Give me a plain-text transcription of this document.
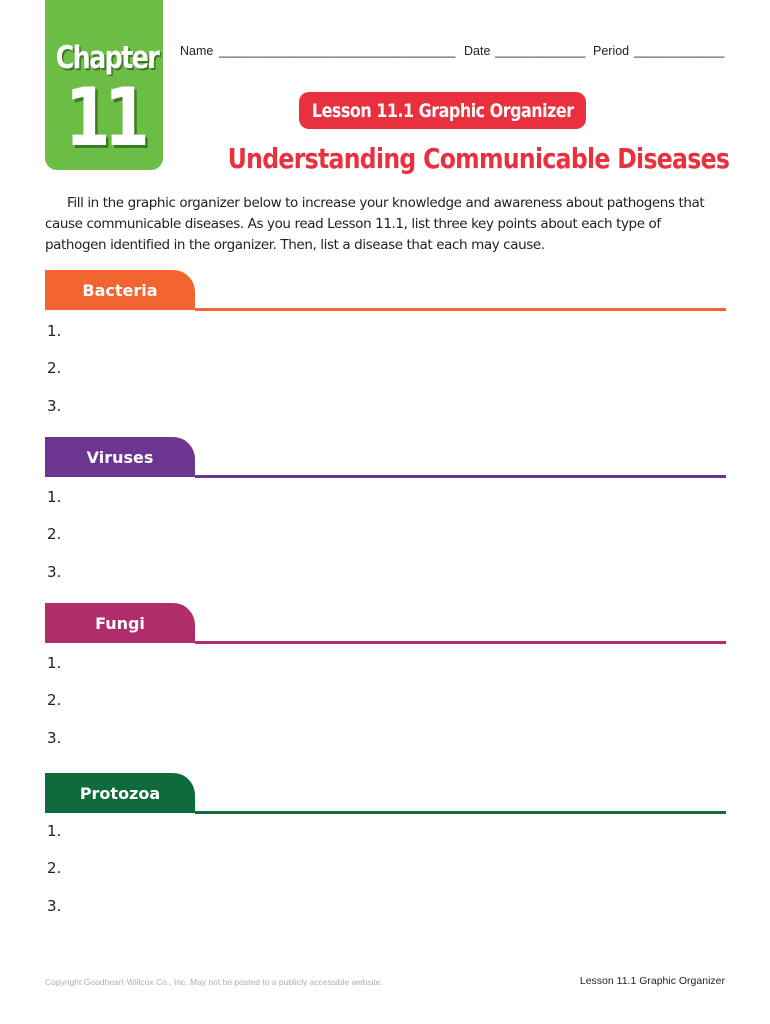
Chapter
11
Name __________________________________ Date _____________ Period _____________
Lesson 11.1 Graphic Organizer
Understanding Communicable Diseases
Fill in the graphic organizer below to increase your knowledge and awareness about pathogens that cause communicable diseases. As you read Lesson 11.1, list three key points about each type of pathogen identified in the organizer. Then, list a disease that each may cause.
Bacteria
1.
2.
3.
Viruses
1.
2.
3.
Fungi
1.
2.
3.
Protozoa
1.
2.
3.
Copyright Goodheart-Willcox Co., Inc. May not be posted to a publicly accessible website.	Lesson 11.1 Graphic Organizer
